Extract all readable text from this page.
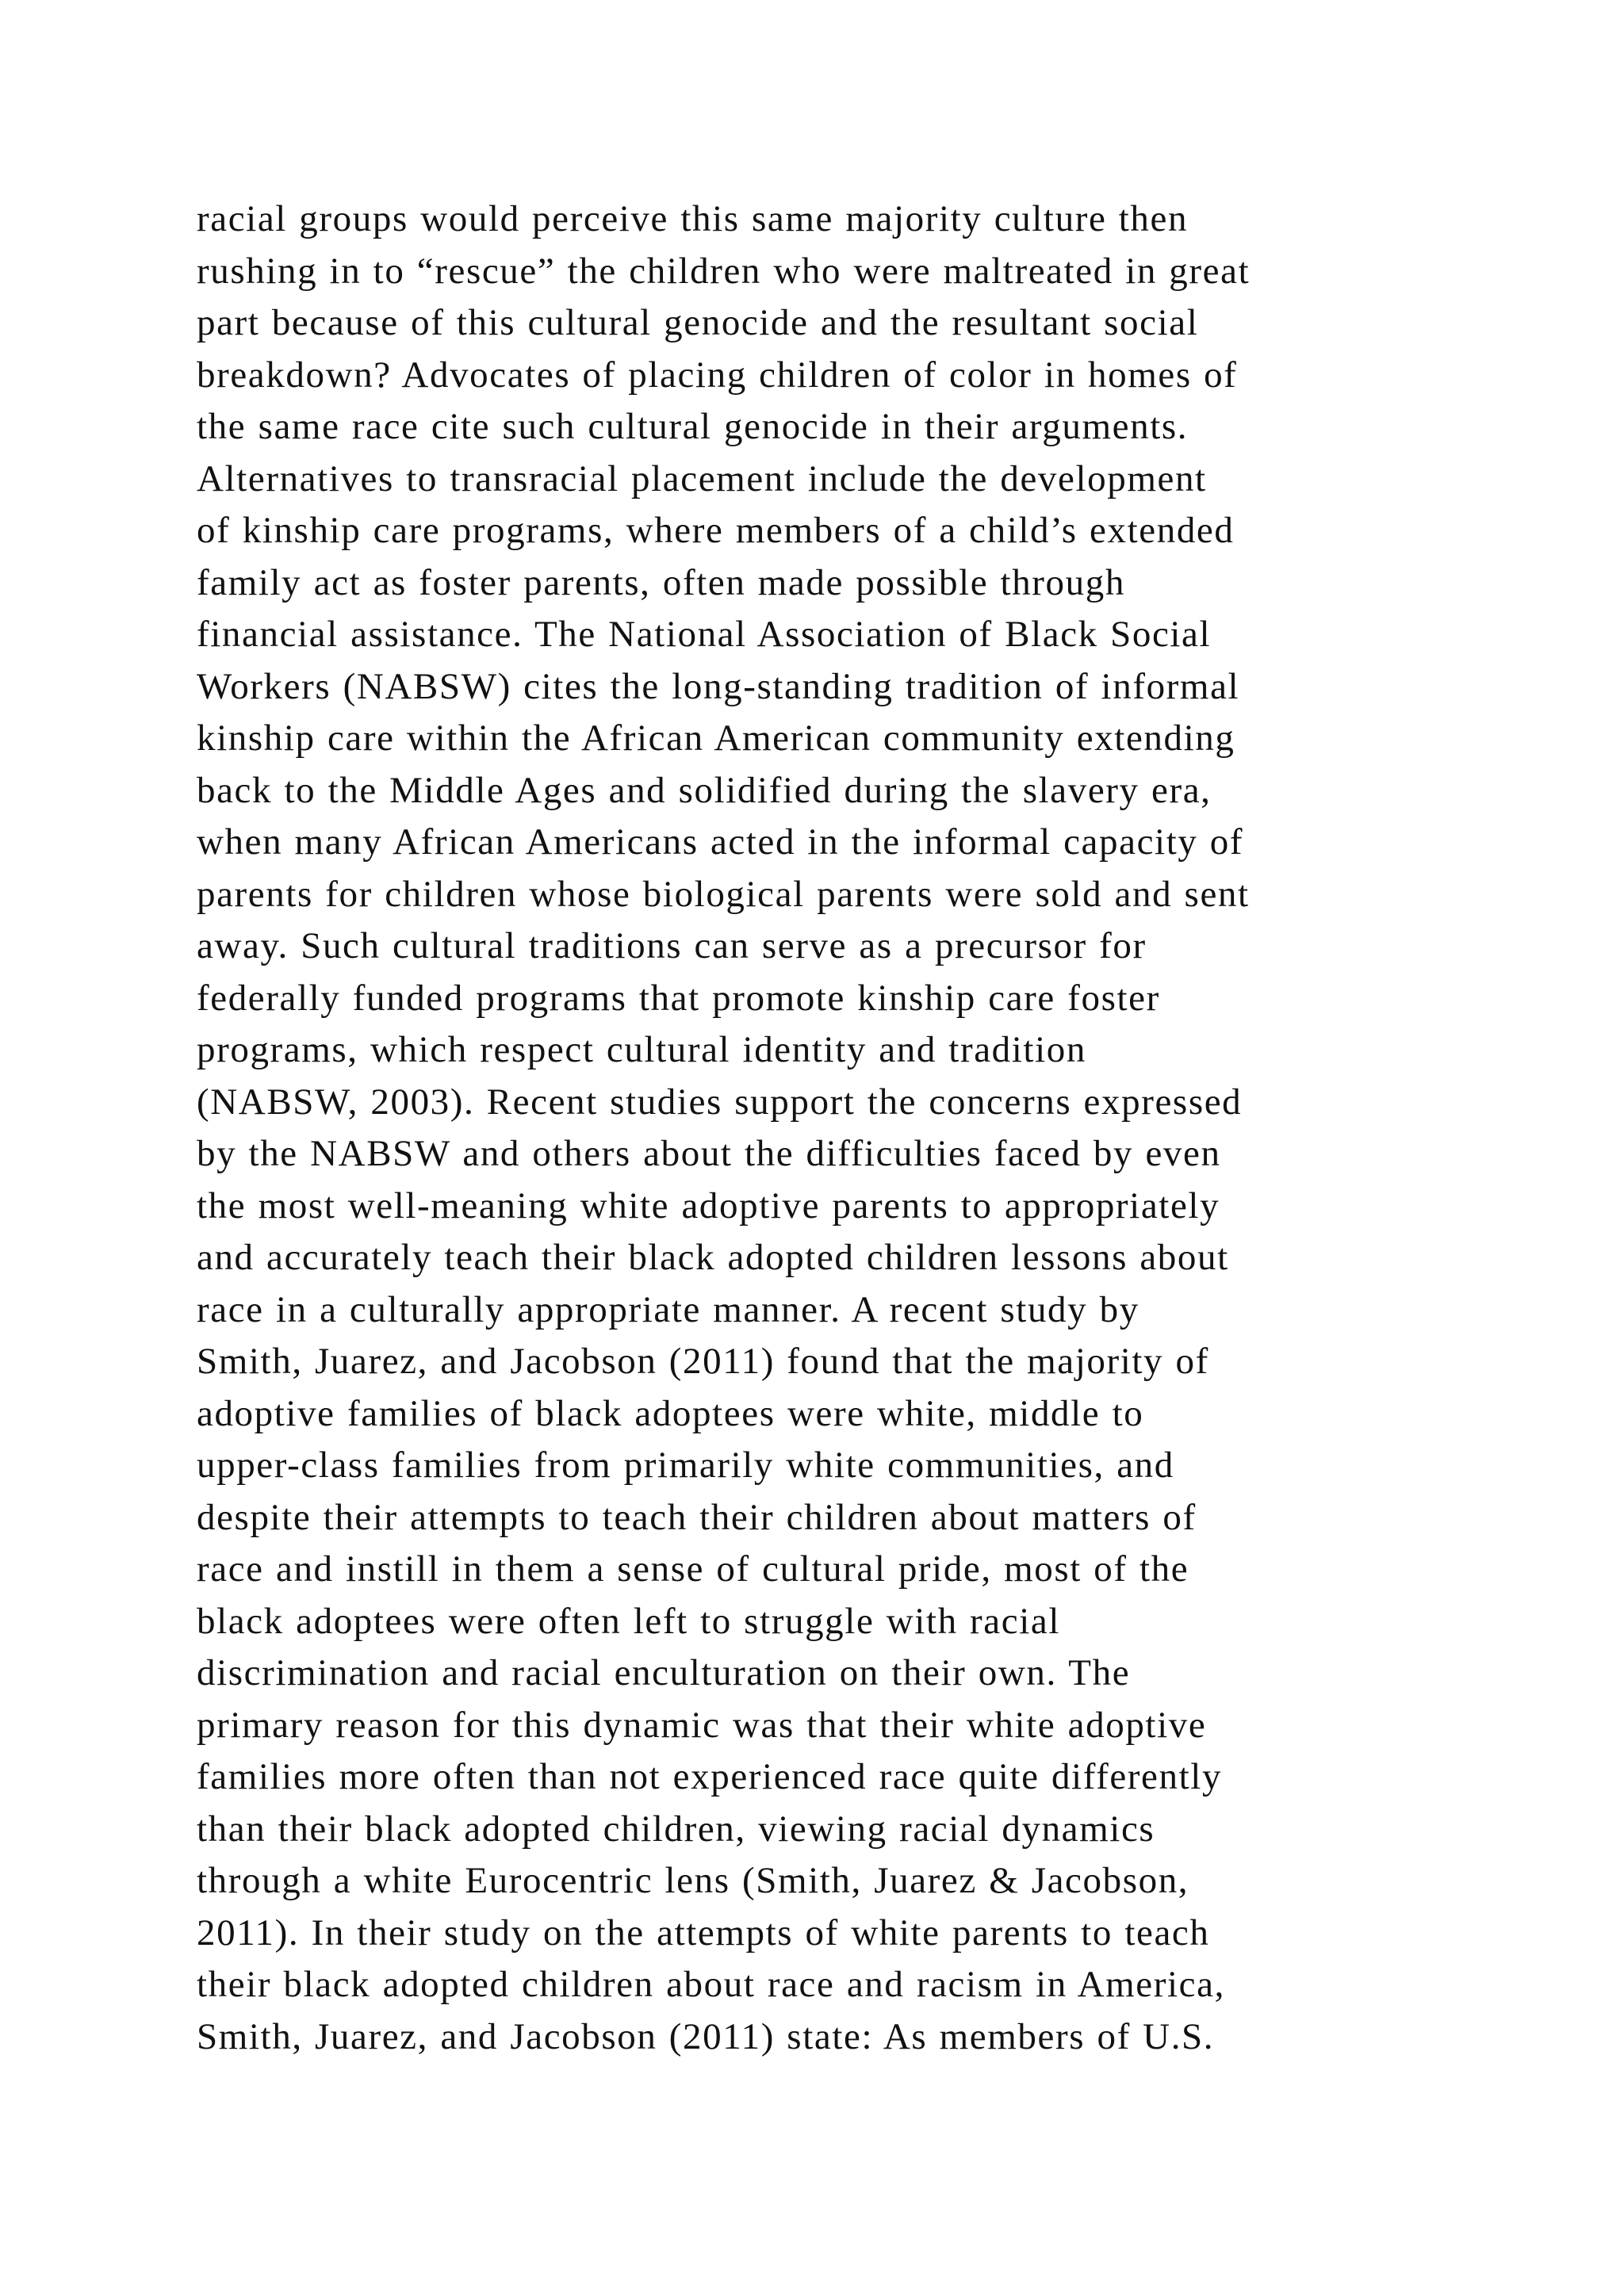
racial groups would perceive this same majority culture then
rushing in to “rescue” the children who were maltreated in great
part because of this cultural genocide and the resultant social
breakdown? Advocates of placing children of color in homes of
the same race cite such cultural genocide in their arguments.
Alternatives to transracial placement include the development
of kinship care programs, where members of a child’s extended
family act as foster parents, often made possible through
financial assistance. The National Association of Black Social
Workers (NABSW) cites the long-standing tradition of informal
kinship care within the African American community extending
back to the Middle Ages and solidified during the slavery era,
when many African Americans acted in the informal capacity of
parents for children whose biological parents were sold and sent
away. Such cultural traditions can serve as a precursor for
federally funded programs that promote kinship care foster
programs, which respect cultural identity and tradition
(NABSW, 2003). Recent studies support the concerns expressed
by the NABSW and others about the difficulties faced by even
the most well-meaning white adoptive parents to appropriately
and accurately teach their black adopted children lessons about
race in a culturally appropriate manner. A recent study by
Smith, Juarez, and Jacobson (2011) found that the majority of
adoptive families of black adoptees were white, middle to
upper-class families from primarily white communities, and
despite their attempts to teach their children about matters of
race and instill in them a sense of cultural pride, most of the
black adoptees were often left to struggle with racial
discrimination and racial enculturation on their own. The
primary reason for this dynamic was that their white adoptive
families more often than not experienced race quite differently
than their black adopted children, viewing racial dynamics
through a white Eurocentric lens (Smith, Juarez & Jacobson,
2011). In their study on the attempts of white parents to teach
their black adopted children about race and racism in America,
Smith, Juarez, and Jacobson (2011) state: As members of U.S.
